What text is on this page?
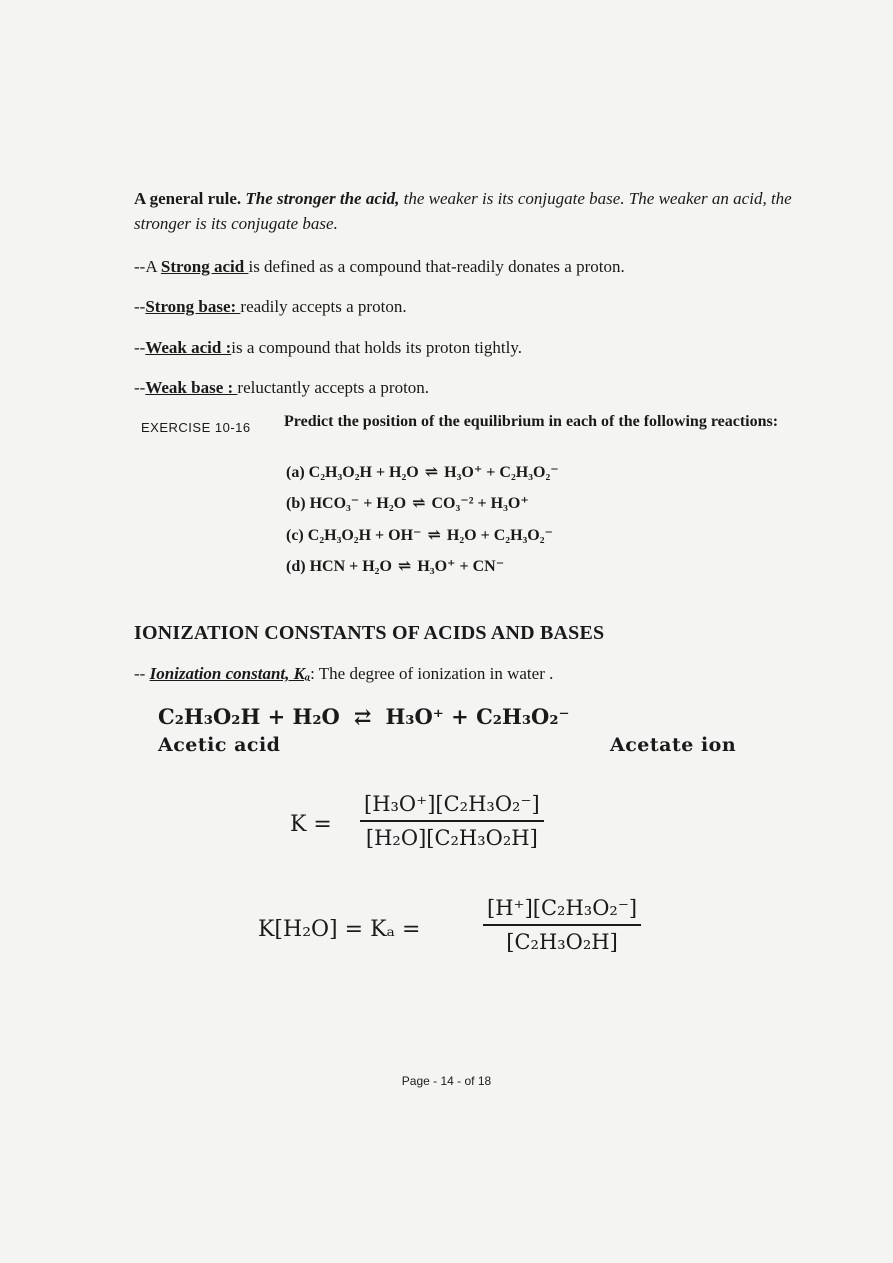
A general rule. The stronger the acid, the weaker is its conjugate base. The weaker an acid, the stronger is its conjugate base.

--A Strong acid is defined as a compound that-readily donates a proton.

--Strong base: readily accepts a proton.

--Weak acid :is a compound that holds its proton tightly.

--Weak base : reluctantly accepts a proton.

EXERCISE 10-16 Predict the position of the equilibrium in each of the following reactions:
(a) C₂H₃O₂H + H₂O ⇌ H₃O⁺ + C₂H₃O₂⁻
(b) HCO₃⁻ + H₂O ⇌ CO₃⁻² + H₃O⁺
(c) C₂H₃O₂H + OH⁻ ⇌ H₂O + C₂H₃O₂⁻
(d) HCN + H₂O ⇌ H₃O⁺ + CN⁻
IONIZATION CONSTANTS OF ACIDS AND BASES
-- Ionization constant, Kₐ: The degree of ionization in water .
C₂H₃O₂H + H₂O ⇄ H₃O⁺ + C₂H₃O₂⁻
Acetic acid	Acetate ion
$K = \frac{\text{[H₃O⁺][C₂H₃O₂⁻]}}{\text{[H₂O][C₂H₃O₂H]}}$
K[H₂O] = Kₐ =	$\frac{\text{[H⁺][C₂H₃O₂⁻]}}{\text{[C₂H₃O₂H]}}$
Page - 14 - of 18
